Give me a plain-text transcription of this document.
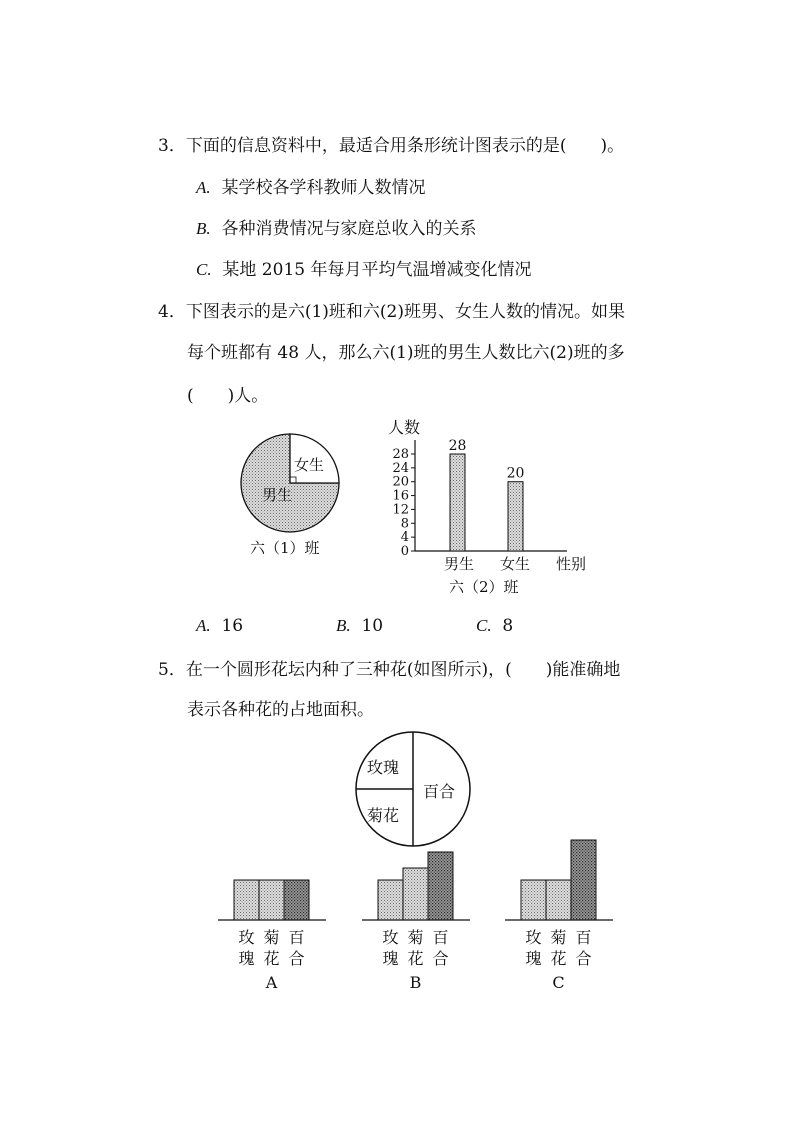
3．下面的信息资料中，最适合用条形统计图表示的是(　　)。
A. 某学校各学科教师人数情况
B. 各种消费情况与家庭总收入的关系
C. 某地 2015 年每月平均气温增减变化情况
4．下图表示的是六(1)班和六(2)班男、女生人数的情况。如果
每个班都有 48 人，那么六(1)班的男生人数比六(2)班的多
(　　)人。
A. 16	B. 10	C. 8
5．在一个圆形花坛内种了三种花(如图所示)，(　　)能准确地
表示各种花的占地面积。
女生
男生
六（1）班
人数
0
4
8
12
16
20
24
28
28
20
男生 女生 性别
六（2）班
玫瑰
菊花
百合
玫
瑰
菊
花
百
合
A
玫
瑰
菊
花
百
合
B
玫
瑰
菊
花
百
合
C
